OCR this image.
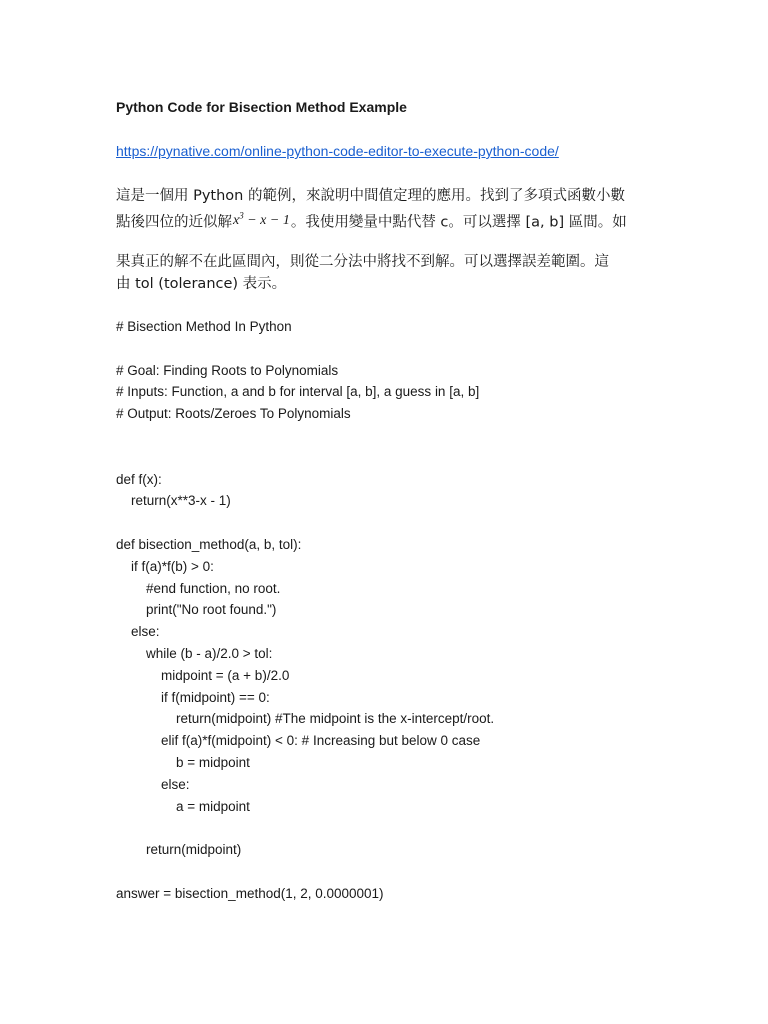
Python Code for Bisection Method Example
https://pynative.com/online-python-code-editor-to-execute-python-code/
這是一個用 Python 的範例，來說明中間值定理的應用。找到了多項式函數小數
點後四位的近似解$x^3 - x - 1$。我使用變量中點代替 c。可以選擇 [a, b] 區間。如
果真正的解不在此區間內，則從二分法中將找不到解。可以選擇誤差範圍。這
由 tol (tolerance) 表示。
# Bisection Method In Python

# Goal: Finding Roots to Polynomials
# Inputs: Function, a and b for interval [a, b], a guess in [a, b]
# Output: Roots/Zeroes To Polynomials

def f(x):
return(x**3-x - 1)

def bisection_method(a, b, tol):
if f(a)*f(b) > 0:
#end function, no root.
print("No root found.")
else:
while (b - a)/2.0 > tol:
midpoint = (a + b)/2.0
if f(midpoint) == 0:
return(midpoint) #The midpoint is the x-intercept/root.
elif f(a)*f(midpoint) < 0: # Increasing but below 0 case
b = midpoint
else:
a = midpoint

return(midpoint)

answer = bisection_method(1, 2, 0.0000001)
